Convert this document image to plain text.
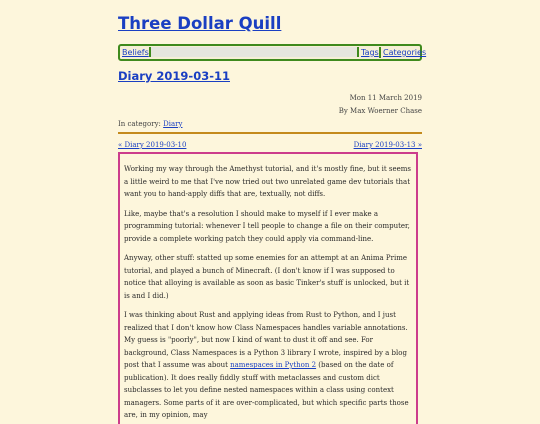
Three Dollar Quill
Beliefs	Tags Categories
Diary 2019-03-11
Mon 11 March 2019
By Max Woerner Chase
In category: Diary
« Diary 2019-03-10	Diary 2019-03-13 »

Working my way through the Amethyst tutorial, and it's mostly fine, but it seems a little weird to me that I've now tried out two unrelated game dev tutorials that want you to hand-apply diffs that are, textually, not diffs.

Like, maybe that's a resolution I should make to myself if I ever make a programming tutorial: whenever I tell people to change a file on their computer, provide a complete working patch they could apply via command-line.

Anyway, other stuff: statted up some enemies for an attempt at an Anima Prime tutorial, and played a bunch of Minecraft. (I don't know if I was supposed to notice that alloying is available as soon as basic Tinker's stuff is unlocked, but it is and I did.)

I was thinking about Rust and applying ideas from Rust to Python, and I just realized that I don't know how Class Namespaces handles variable annotations. My guess is "poorly", but now I kind of want to dust it off and see. For background, Class Namespaces is a Python 3 library I wrote, inspired by a blog post that I assume was about namespaces in Python 2 (based on the date of publication). It does really fiddly stuff with metaclasses and custom dict subclasses to let you define nested namespaces within a class using context managers. Some parts of it are over-complicated, but which specific parts those are, in my opinion, may
